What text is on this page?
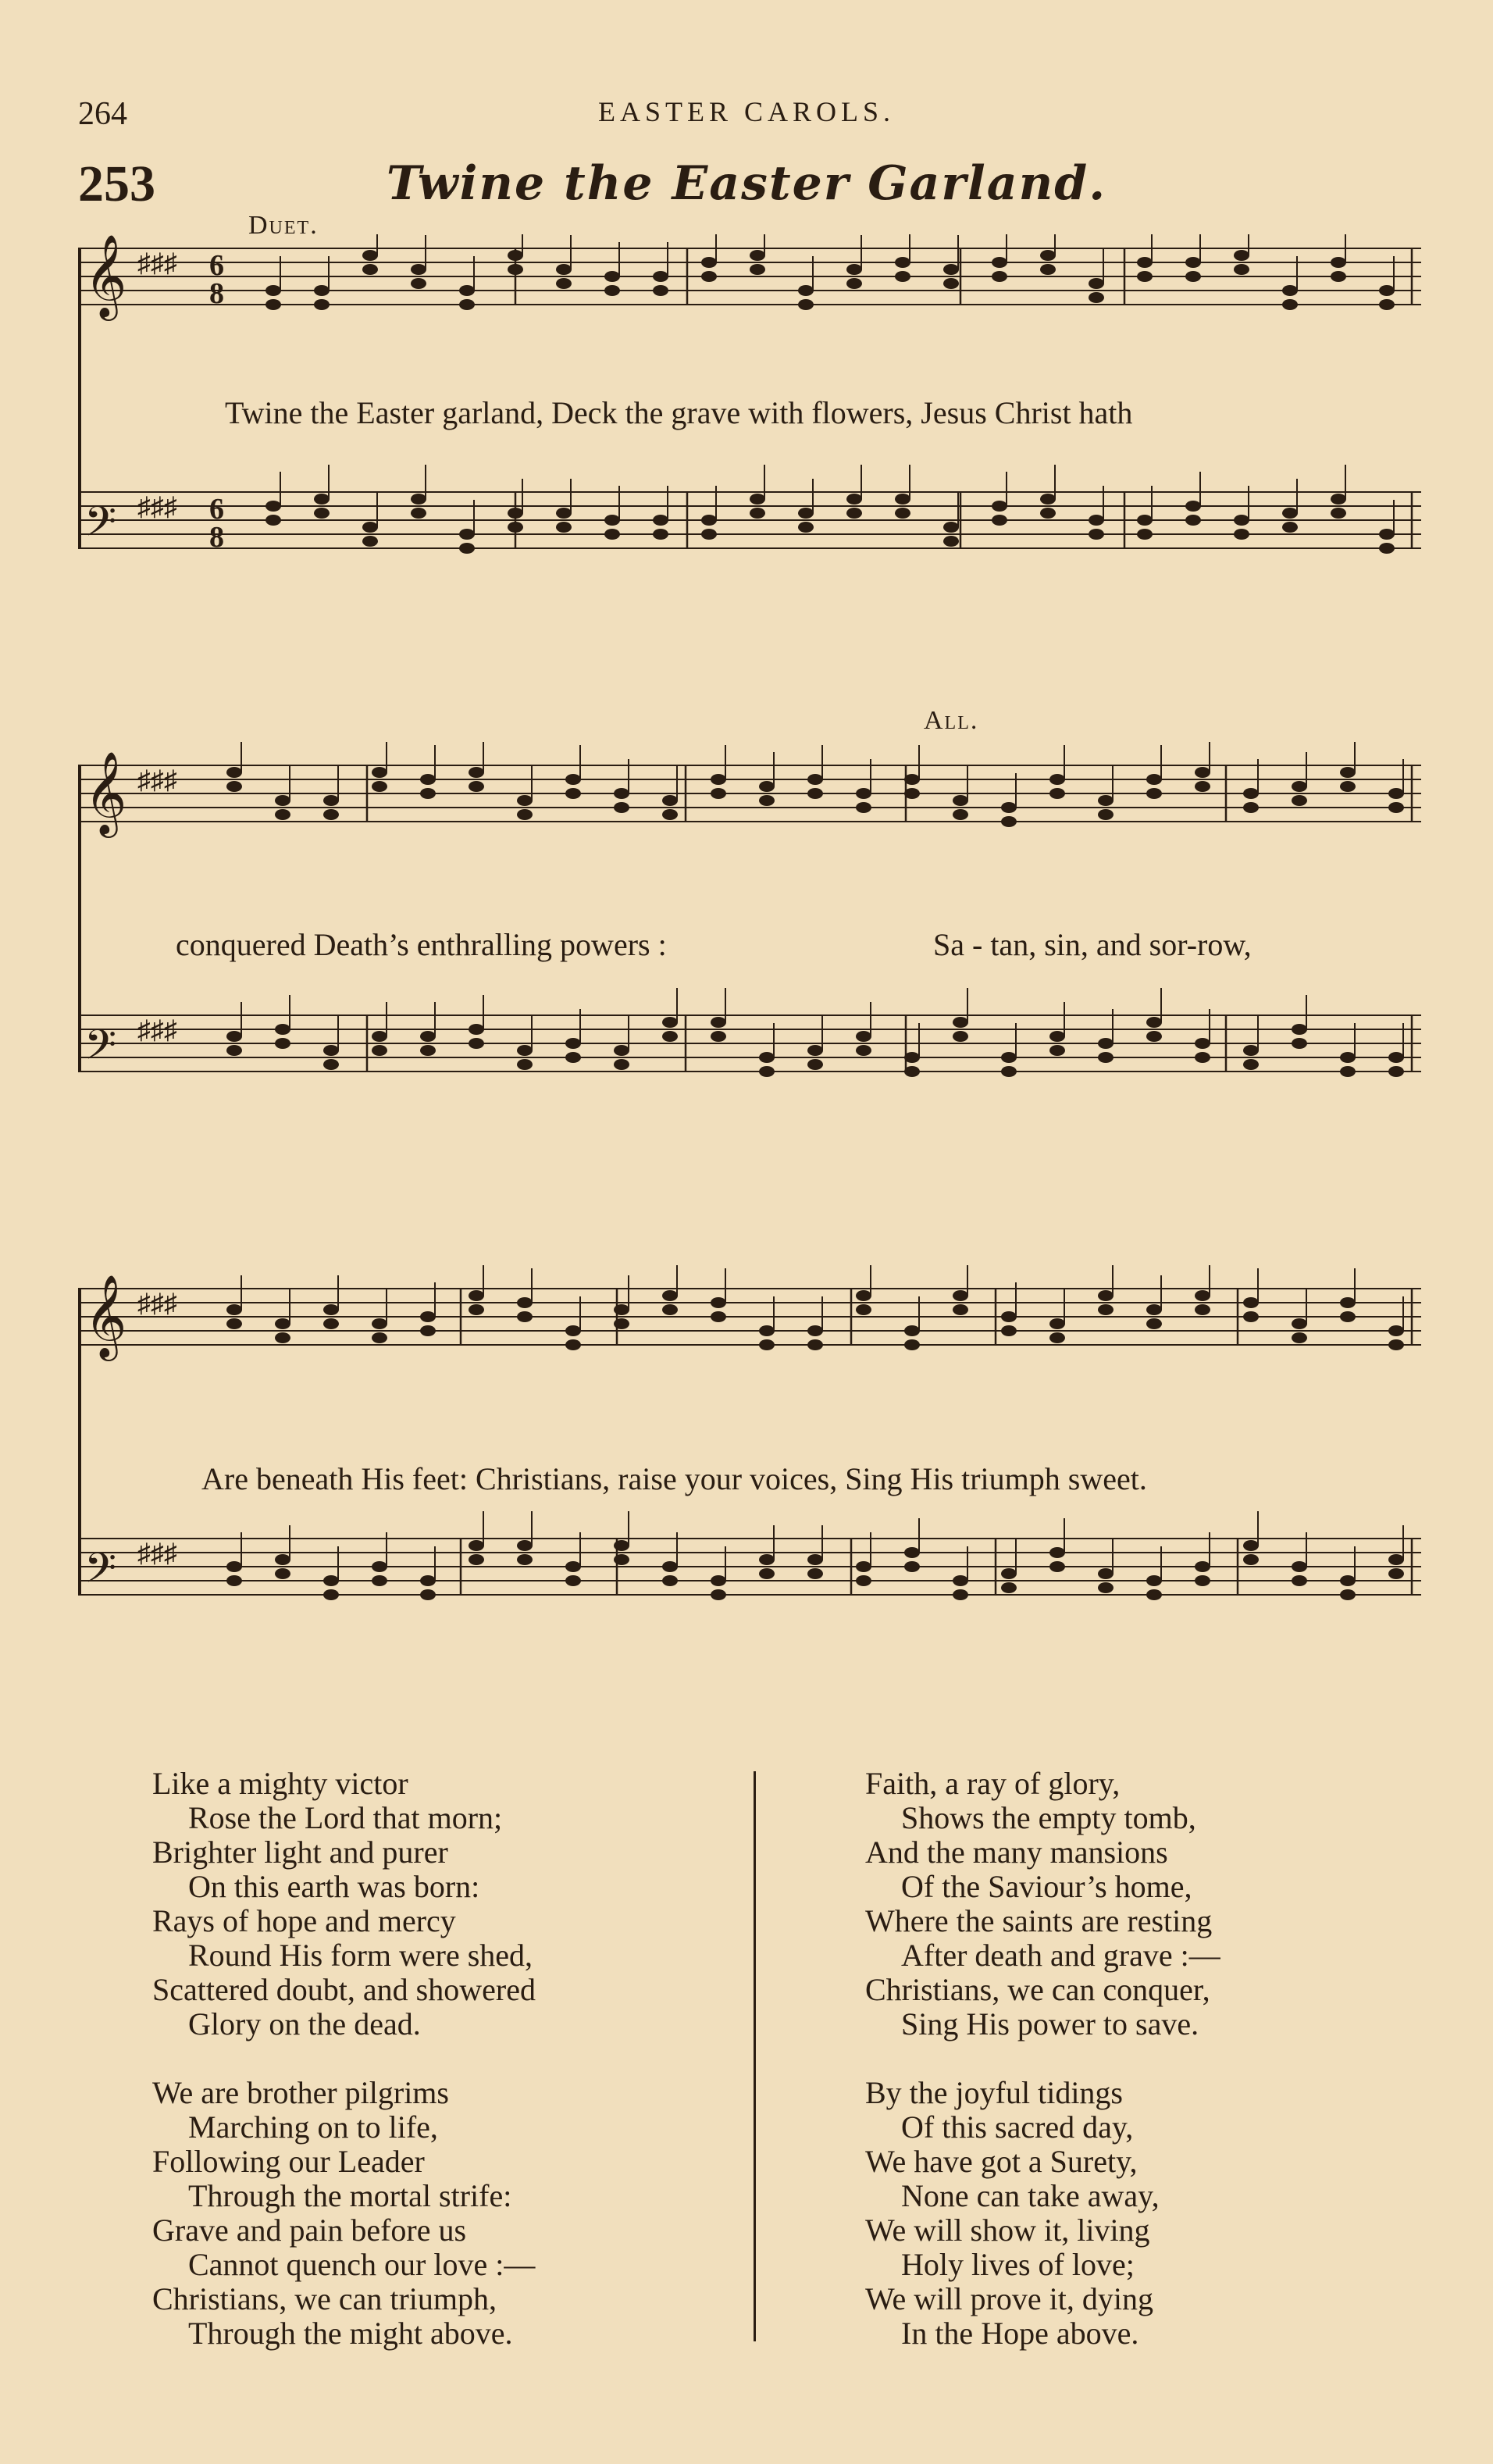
264	EASTER CAROLS.
253	Twine the Easter Garland.
Duet.
All.
𝄞 ♯♯♯ 6
8
𝄢 ♯♯♯ 6
8
𝄞 ♯♯♯
𝄢 ♯♯♯
𝄞 ♯♯♯
𝄢 ♯♯♯
Twine the Easter garland, Deck the grave with flowers, Jesus Christ hath
conquered Death’s enthralling powers :	Sa - tan, sin, and sor-row,
Are beneath His feet: Christians, raise your voices, Sing His triumph sweet.
Like a mighty victor
Rose the Lord that morn;
Brighter light and purer
On this earth was born:
Rays of hope and mercy
Round His form were shed,
Scattered doubt, and showered
Glory on the dead.
We are brother pilgrims
Marching on to life,
Following our Leader
Through the mortal strife:
Grave and pain before us
Cannot quench our love :—
Christians, we can triumph,
Through the might above.
Faith, a ray of glory,
Shows the empty tomb,
And the many mansions
Of the Saviour’s home,
Where the saints are resting
After death and grave :—
Christians, we can conquer,
Sing His power to save.
By the joyful tidings
Of this sacred day,
We have got a Surety,
None can take away,
We will show it, living
Holy lives of love;
We will prove it, dying
In the Hope above.
